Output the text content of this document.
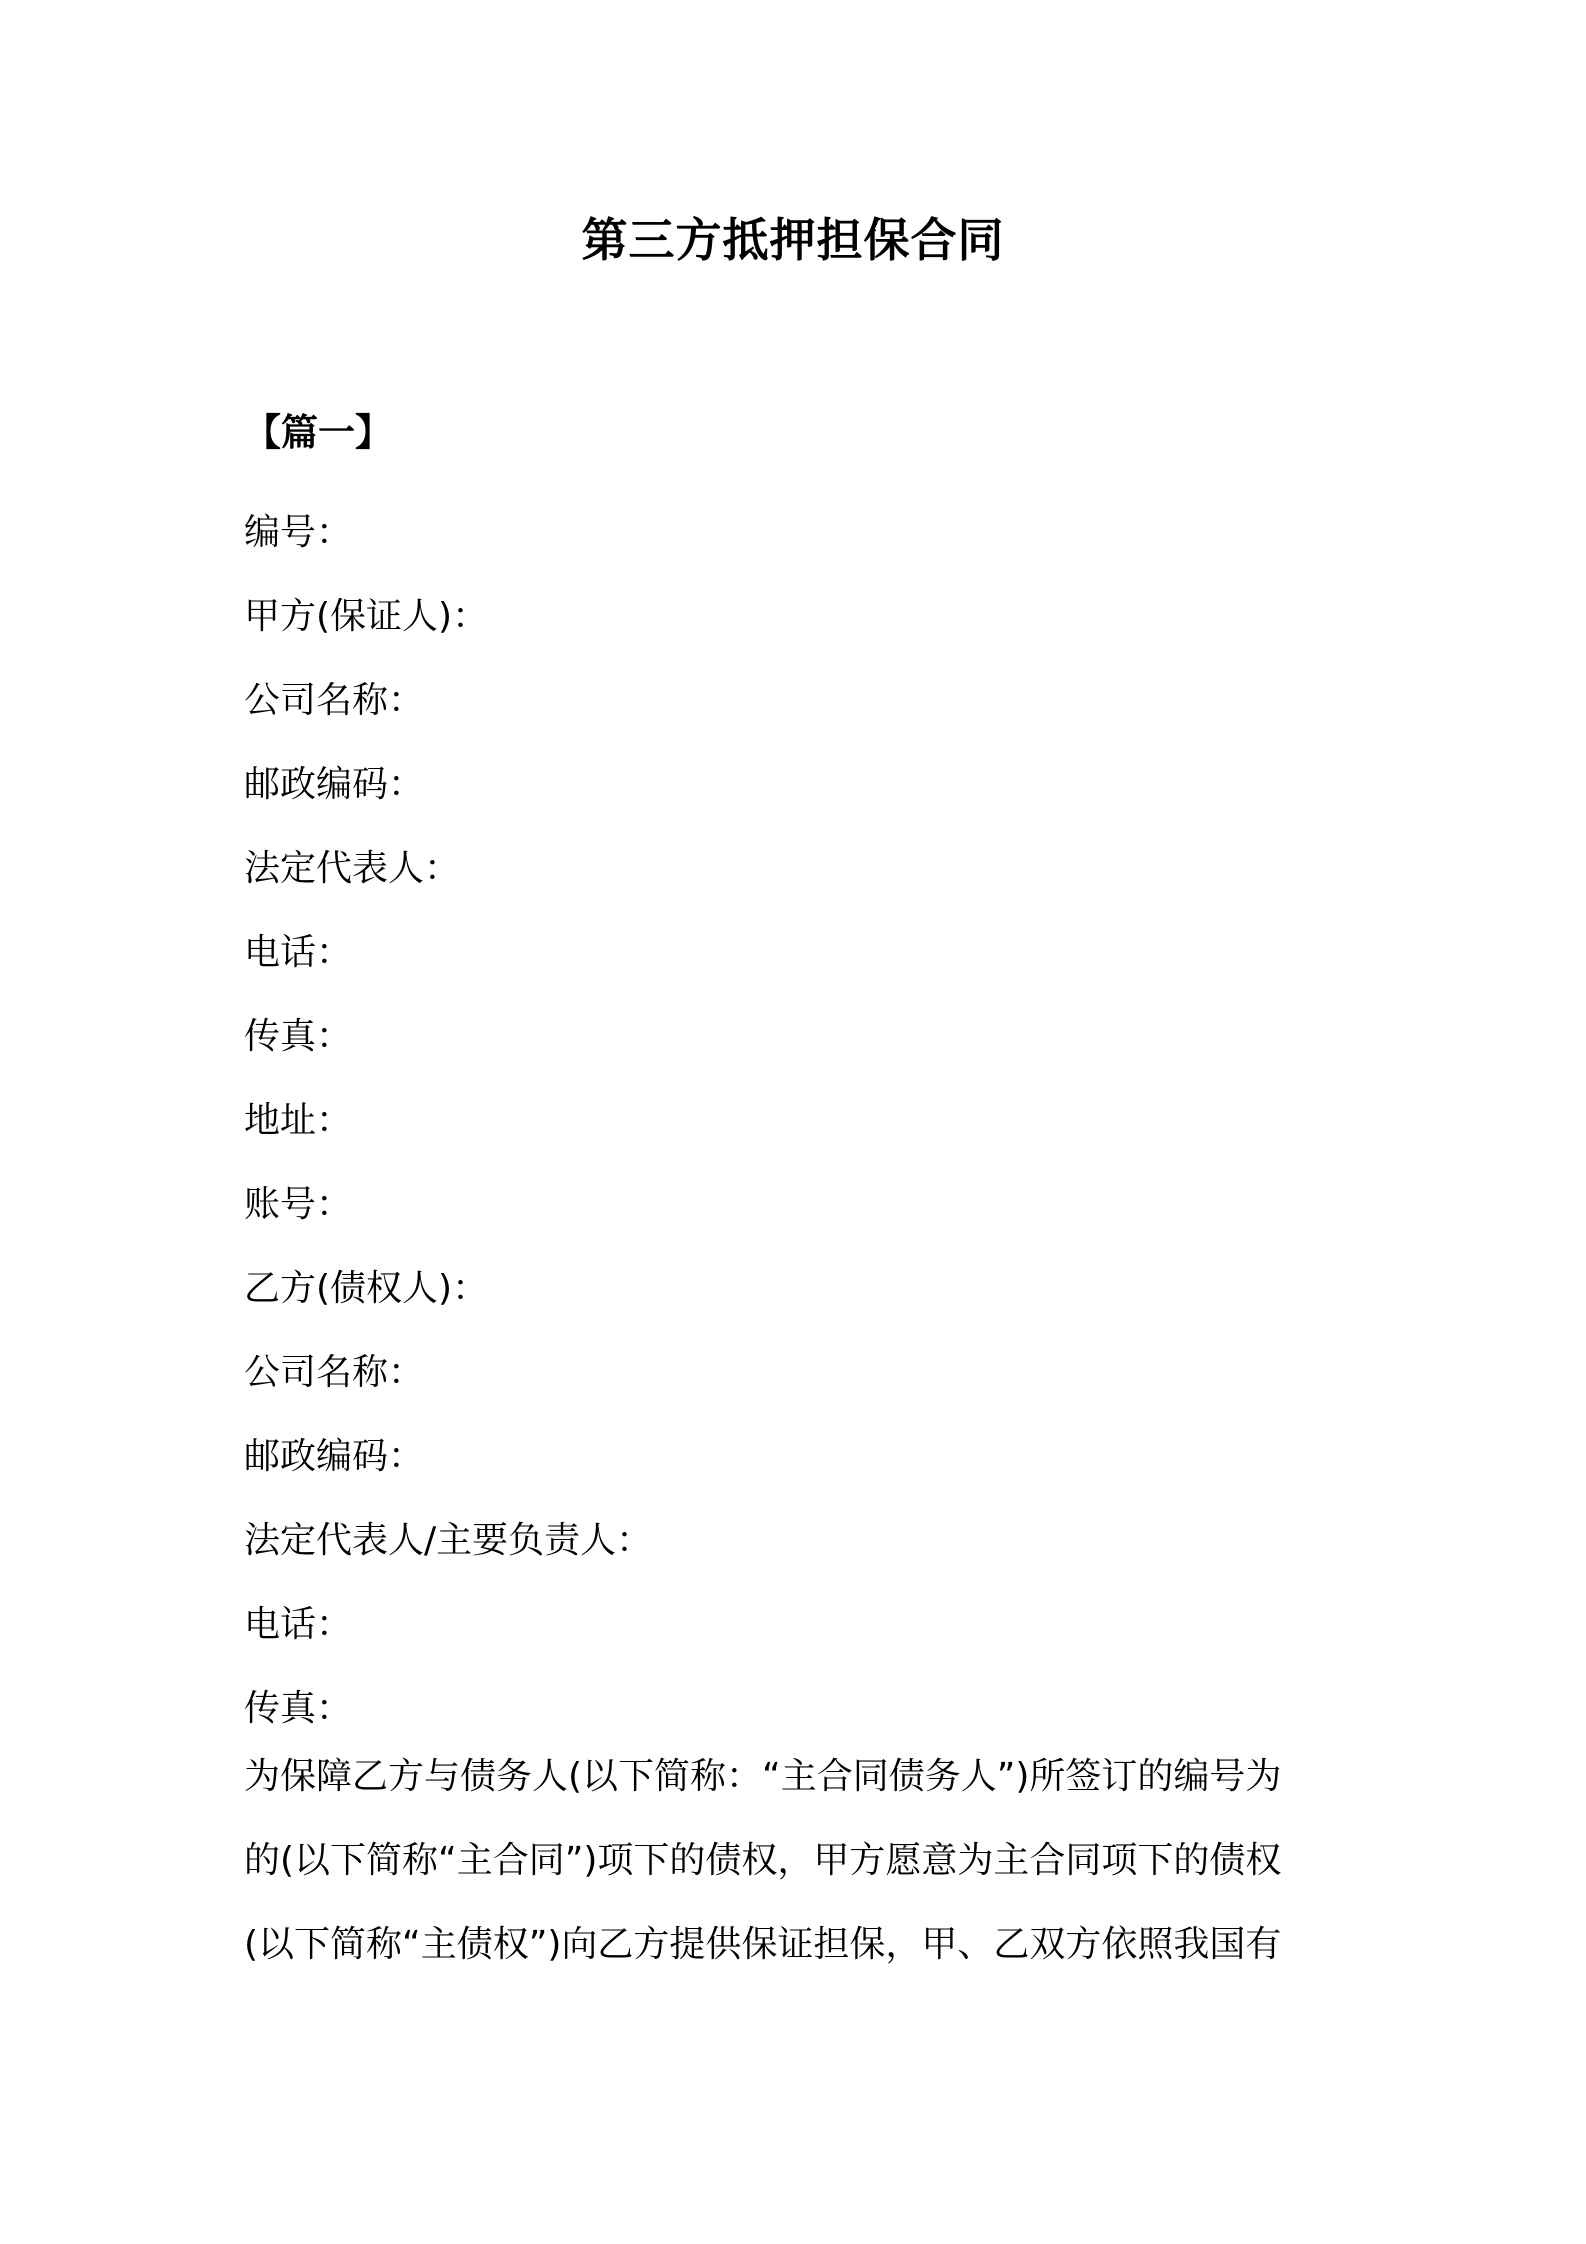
第三方抵押担保合同
【篇一】
编号：
甲方(保证人)：
公司名称：
邮政编码：
法定代表人：
电话：
传真：
地址：
账号：
乙方(债权人)：
公司名称：
邮政编码：
法定代表人/主要负责人：
电话：
传真：
为保障乙方与债务人(以下简称：“主合同债务人”)所签订的编号为
的(以下简称“主合同”)项下的债权，甲方愿意为主合同项下的债权
(以下简称“主债权”)向乙方提供保证担保，甲、乙双方依照我国有
